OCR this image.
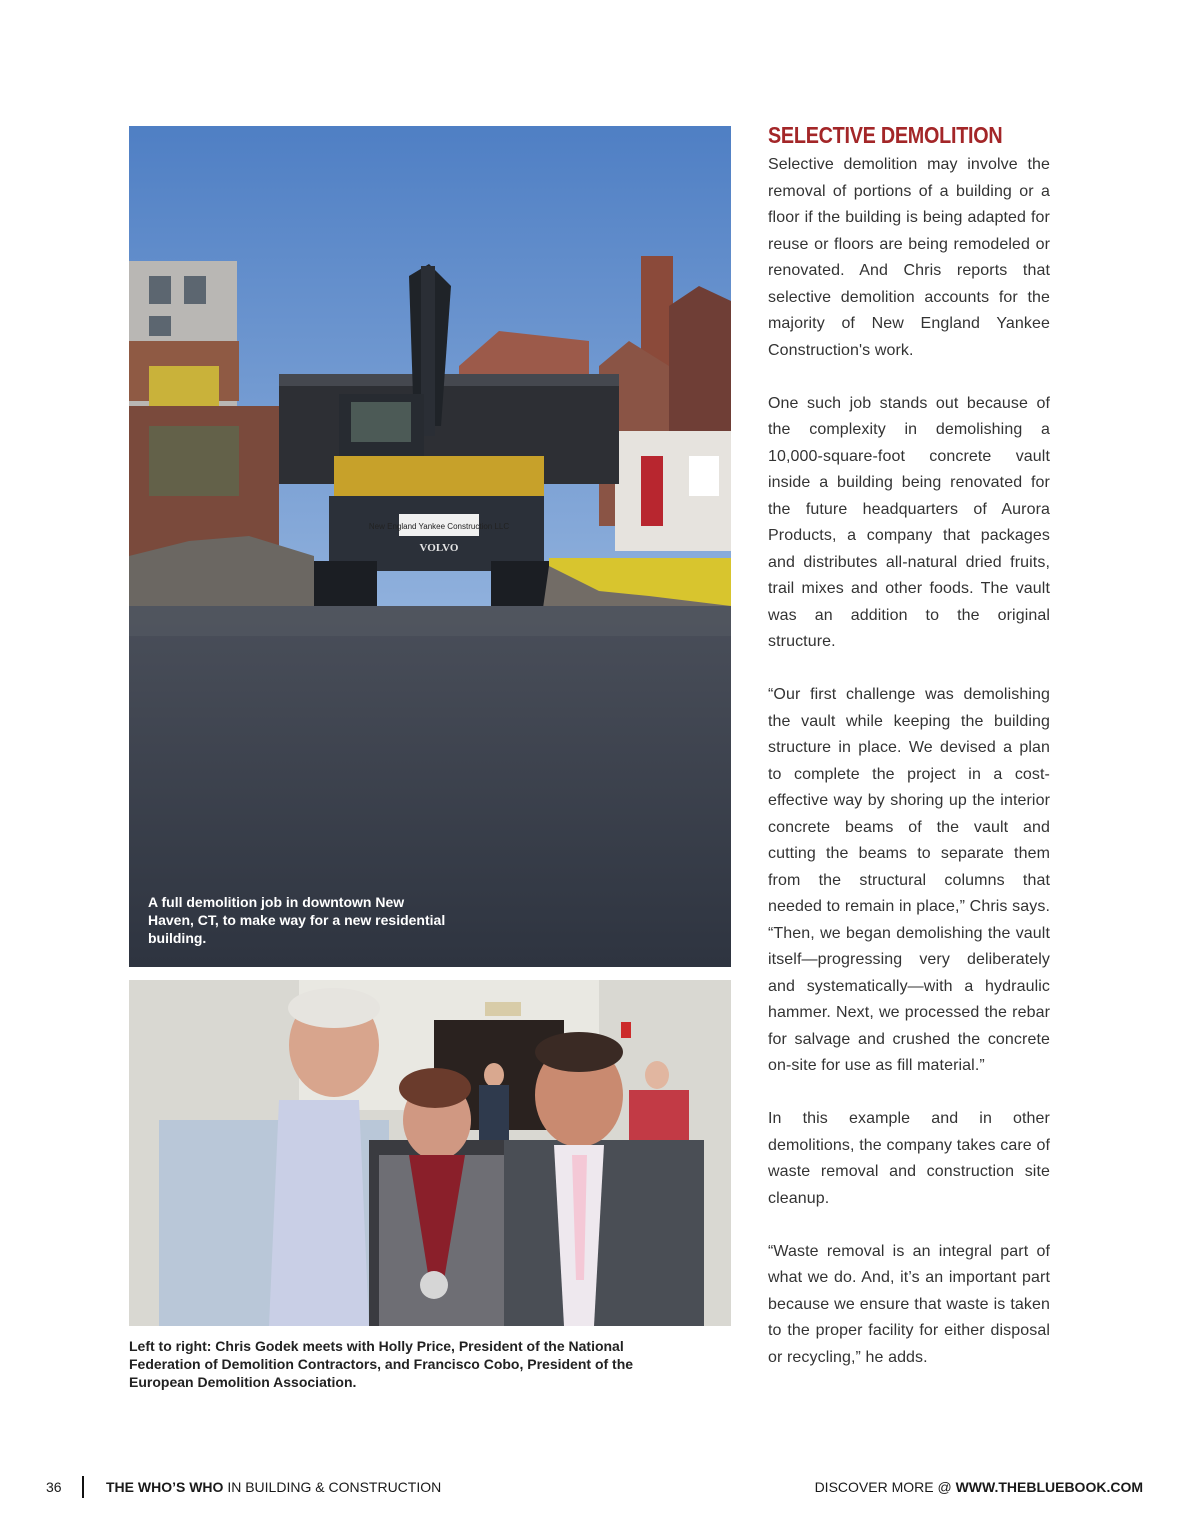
New England Yankee Construction LLC
VOLVO
A full demolition job in downtown New Haven, CT, to make way for a new residential building.
Left to right: Chris Godek meets with Holly Price, President of the National Federation of Demolition Contractors, and Francisco Cobo, President of the European Demolition Association.
SELECTIVE DEMOLITION

Selective demolition may involve the removal of portions of a building or a floor if the building is being adapted for reuse or floors are being remodeled or renovated. And Chris reports that selective demolition accounts for the majority of New England Yankee Construction's work.

One such job stands out because of the complexity in demolishing a 10,000-square-foot concrete vault inside a building being renovated for the future headquarters of Aurora Products, a company that packages and distributes all-natural dried fruits, trail mixes and other foods. The vault was an addition to the original structure.

“Our first challenge was demolishing the vault while keeping the building structure in place. We devised a plan to complete the project in a cost-effective way by shoring up the interior concrete beams of the vault and cutting the beams to separate them from the structural columns that needed to remain in place,” Chris says. “Then, we began demolishing the vault itself—progressing very deliberately and systematically—with a hydraulic hammer. Next, we processed the rebar for salvage and crushed the concrete on-site for use as fill material.”

In this example and in other demolitions, the company takes care of waste removal and construction site cleanup.

“Waste removal is an integral part of what we do. And, it’s an important part because we ensure that waste is taken to the proper facility for either disposal or recycling,” he adds.

36	THE WHO’S WHO IN BUILDING & CONSTRUCTION	DISCOVER MORE @ WWW.THEBLUEBOOK.COM
